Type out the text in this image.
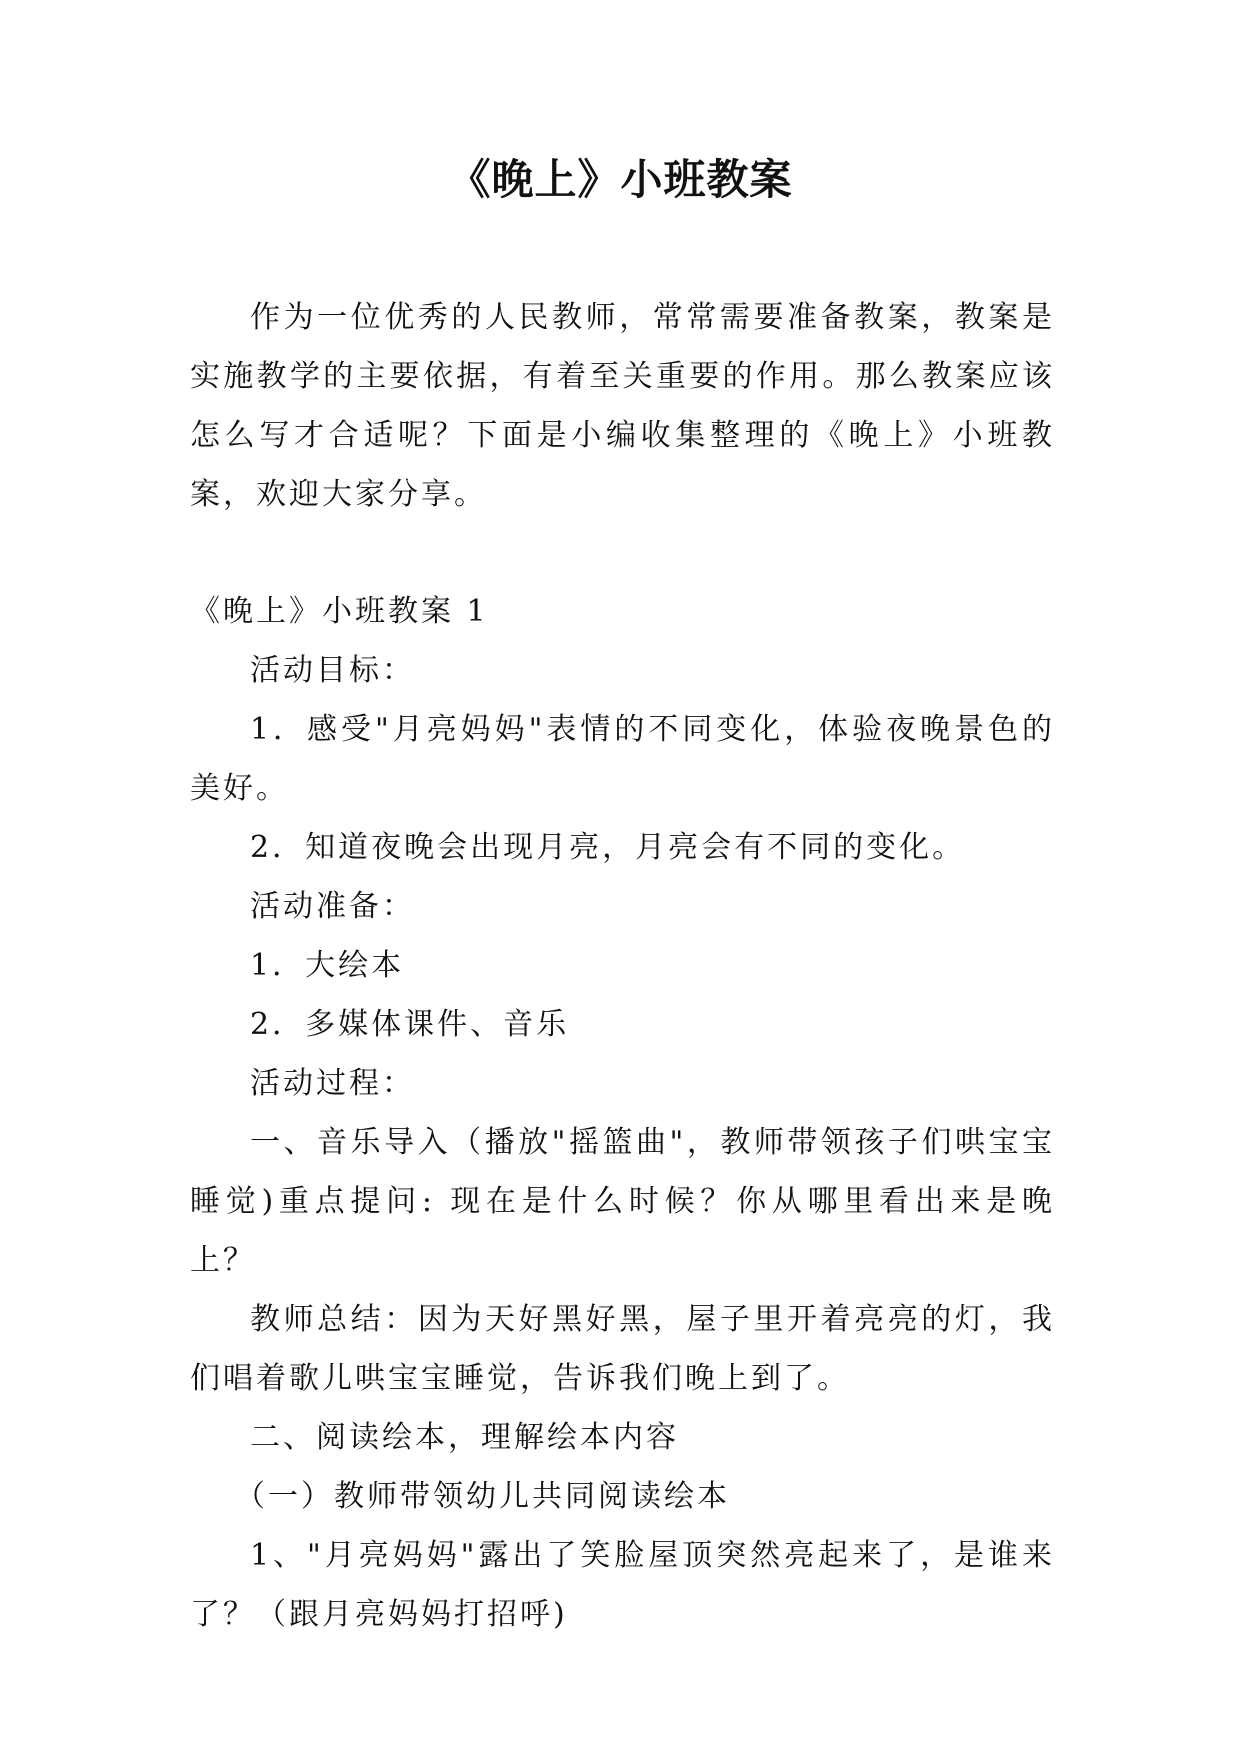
《晚上》小班教案

作为一位优秀的人民教师，常常需要准备教案，教案是实施教学的主要依据，有着至关重要的作用。那么教案应该怎么写才合适呢？下面是小编收集整理的《晚上》小班教案，欢迎大家分享。

《晚上》小班教案 1

活动目标：

1．感受"月亮妈妈"表情的不同变化，体验夜晚景色的美好。

2．知道夜晚会出现月亮，月亮会有不同的变化。

活动准备：

1．大绘本

2．多媒体课件、音乐

活动过程：

一、音乐导入（播放"摇篮曲"，教师带领孩子们哄宝宝睡觉)重点提问: 现在是什么时候？你从哪里看出来是晚上？

教师总结：因为天好黑好黑，屋子里开着亮亮的灯，我们唱着歌儿哄宝宝睡觉，告诉我们晚上到了。

二、阅读绘本，理解绘本内容

（一）教师带领幼儿共同阅读绘本

1、"月亮妈妈"露出了笑脸屋顶突然亮起来了，是谁来了？（跟月亮妈妈打招呼)
